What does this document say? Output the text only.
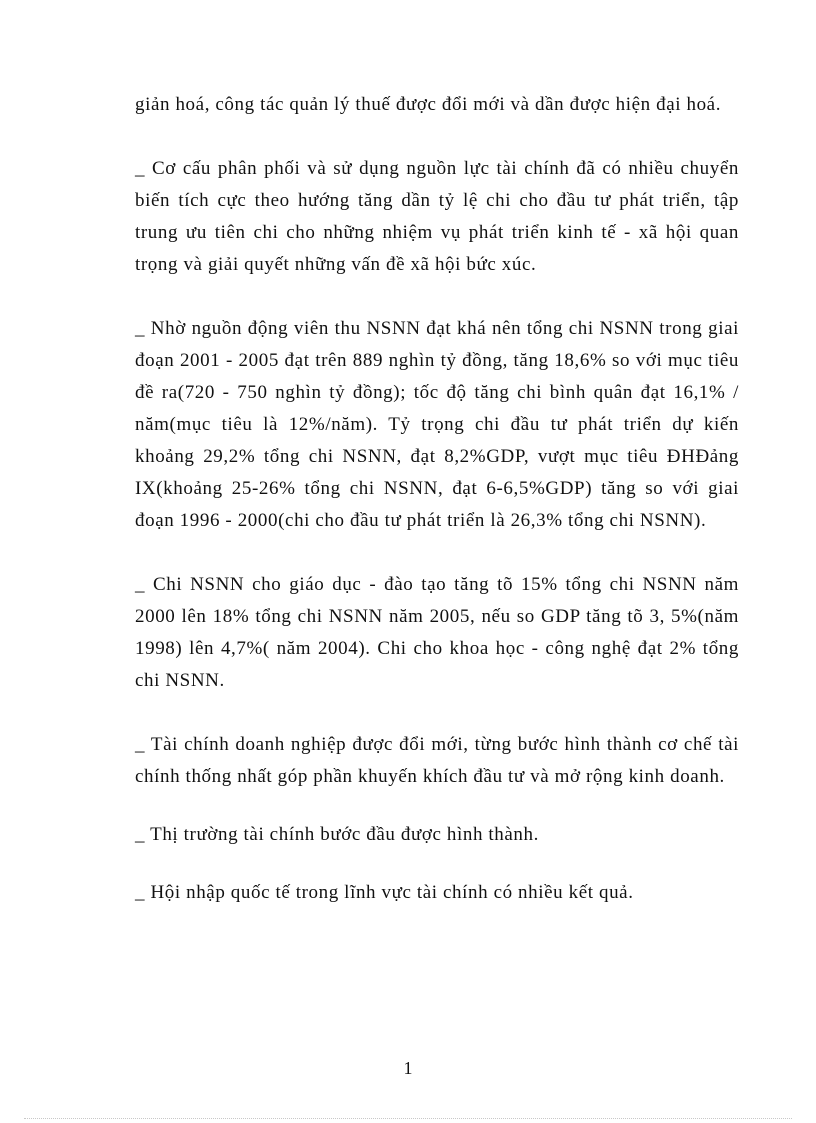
giản hoá, công tác quản lý thuế được đổi mới và dần được hiện đại hoá.

_ Cơ cấu phân phối và sử dụng nguồn lực tài chính đã có nhiều chuyển biến tích cực theo hướng tăng dần tỷ lệ chi cho đầu tư phát triển, tập trung ưu tiên chi cho những nhiệm vụ phát triển kinh tế - xã hội quan trọng và giải quyết những vấn đề xã hội bức xúc.

_ Nhờ nguồn động viên thu NSNN đạt khá nên tổng chi NSNN trong giai đoạn 2001 - 2005 đạt trên 889 nghìn tỷ đồng, tăng 18,6% so với mục tiêu đề ra(720 - 750 nghìn tỷ đồng); tốc độ tăng chi bình quân đạt 16,1% / năm(mục tiêu là 12%/năm). Tỷ trọng chi đầu tư phát triển dự kiến khoảng 29,2% tổng chi NSNN, đạt 8,2%GDP, vượt mục tiêu ĐHĐảng IX(khoảng 25-26% tổng chi NSNN, đạt 6-6,5%GDP) tăng so với giai đoạn 1996 - 2000(chi cho đầu tư phát triển là 26,3% tổng chi NSNN).

_ Chi NSNN cho giáo dục - đào tạo tăng tõ 15% tổng chi NSNN năm 2000 lên 18% tổng chi NSNN năm 2005, nếu so GDP tăng tõ 3, 5%(năm 1998) lên 4,7%( năm 2004). Chi cho khoa học - công nghệ đạt 2% tổng chi NSNN.

_ Tài chính doanh nghiệp được đổi mới, từng bước hình thành cơ chế tài chính thống nhất góp phần khuyến khích đầu tư và mở rộng kinh doanh.

_ Thị trường tài chính bước đầu được hình thành.

_ Hội nhập quốc tế trong lĩnh vực tài chính có nhiều kết quả.

1
